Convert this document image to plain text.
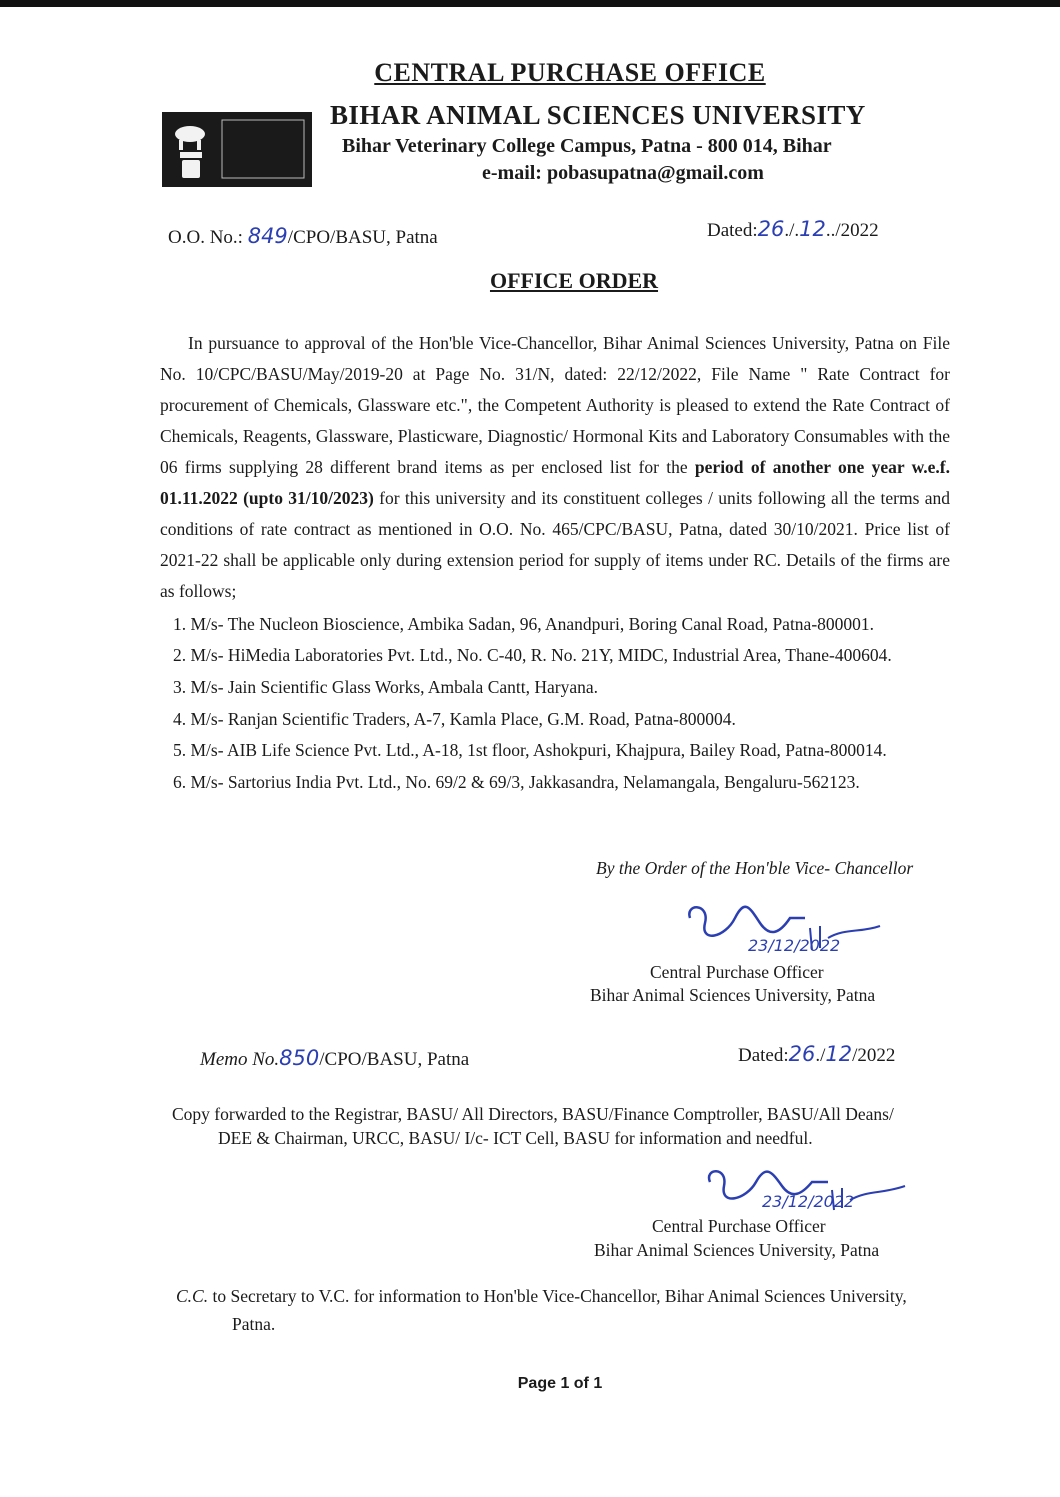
CENTRAL PURCHASE OFFICE
BIHAR ANIMAL SCIENCES UNIVERSITY
Bihar Veterinary College Campus, Patna - 800 014, Bihar
e-mail: pobasupatna@gmail.com
O.O. No.: 849/CPO/BASU, Patna	Dated:26./.12../2022
OFFICE ORDER
In pursuance to approval of the Hon'ble Vice-Chancellor, Bihar Animal Sciences University, Patna on File No. 10/CPC/BASU/May/2019-20 at Page No. 31/N, dated: 22/12/2022, File Name " Rate Contract for procurement of Chemicals, Glassware etc.", the Competent Authority is pleased to extend the Rate Contract of Chemicals, Reagents, Glassware, Plasticware, Diagnostic/ Hormonal Kits and Laboratory Consumables with the 06 firms supplying 28 different brand items as per enclosed list for the period of another one year w.e.f. 01.11.2022 (upto 31/10/2023) for this university and its constituent colleges / units following all the terms and conditions of rate contract as mentioned in O.O. No. 465/CPC/BASU, Patna, dated 30/10/2021. Price list of 2021-22 shall be applicable only during extension period for supply of items under RC. Details of the firms are as follows;
1. M/s- The Nucleon Bioscience, Ambika Sadan, 96, Anandpuri, Boring Canal Road, Patna-800001.
2. M/s- HiMedia Laboratories Pvt. Ltd., No. C-40, R. No. 21Y, MIDC, Industrial Area, Thane-400604.
3. M/s- Jain Scientific Glass Works, Ambala Cantt, Haryana.
4. M/s- Ranjan Scientific Traders, A-7, Kamla Place, G.M. Road, Patna-800004.
5. M/s- AIB Life Science Pvt. Ltd., A-18, 1st floor, Ashokpuri, Khajpura, Bailey Road, Patna-800014.
6. M/s- Sartorius India Pvt. Ltd., No. 69/2 & 69/3, Jakkasandra, Nelamangala, Bengaluru-562123.
By the Order of the Hon'ble Vice- Chancellor
23/12/2022
Central Purchase Officer
Bihar Animal Sciences University, Patna
Memo No.850/CPO/BASU, Patna	Dated:26./12/2022
Copy forwarded to the Registrar, BASU/ All Directors, BASU/Finance Comptroller, BASU/All Deans/
DEE & Chairman, URCC, BASU/ I/c- ICT Cell, BASU for information and needful.
23/12/2022
Central Purchase Officer
Bihar Animal Sciences University, Patna
C.C. to Secretary to V.C. for information to Hon'ble Vice-Chancellor, Bihar Animal Sciences University,
Patna.
Page 1 of 1
